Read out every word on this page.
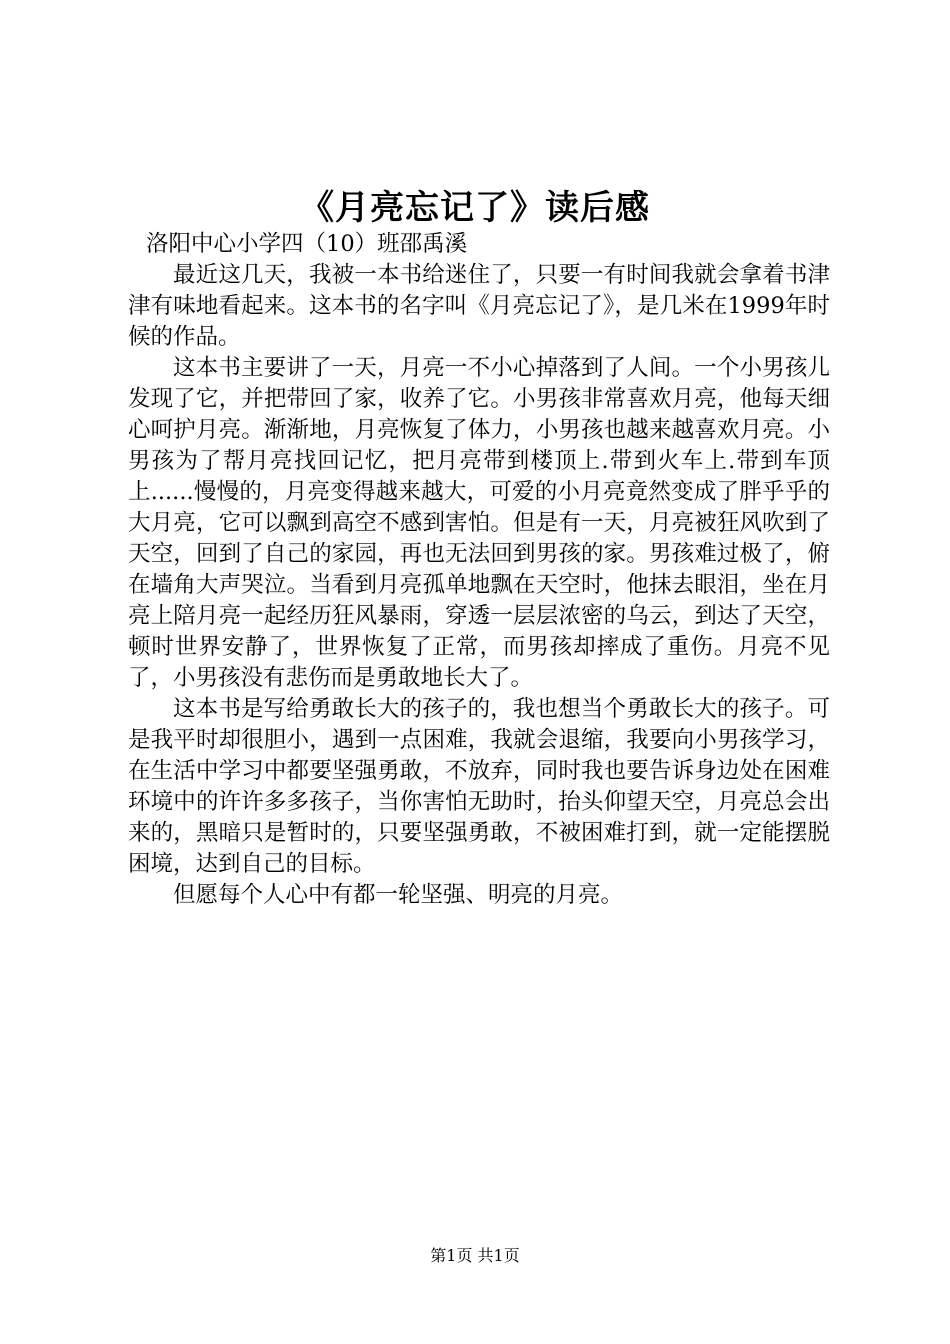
《月亮忘记了》读后感
洛阳中心小学四（10）班邵禹溪

最近这几天，我被一本书给迷住了，只要一有时间我就会拿着书津津有味地看起来。这本书的名字叫《月亮忘记了》，是几米在1999年时候的作品。

这本书主要讲了一天，月亮一不小心掉落到了人间。一个小男孩儿发现了它，并把带回了家，收养了它。小男孩非常喜欢月亮，他每天细心呵护月亮。渐渐地，月亮恢复了体力，小男孩也越来越喜欢月亮。小男孩为了帮月亮找回记忆，把月亮带到楼顶上.带到火车上.带到车顶上......慢慢的，月亮变得越来越大，可爱的小月亮竟然变成了胖乎乎的大月亮，它可以飘到高空不感到害怕。但是有一天，月亮被狂风吹到了天空，回到了自己的家园，再也无法回到男孩的家。男孩难过极了，俯在墙角大声哭泣。当看到月亮孤单地飘在天空时，他抹去眼泪，坐在月亮上陪月亮一起经历狂风暴雨，穿透一层层浓密的乌云，到达了天空，顿时世界安静了，世界恢复了正常，而男孩却摔成了重伤。月亮不见了，小男孩没有悲伤而是勇敢地长大了。

这本书是写给勇敢长大的孩子的，我也想当个勇敢长大的孩子。可是我平时却很胆小，遇到一点困难，我就会退缩，我要向小男孩学习，在生活中学习中都要坚强勇敢，不放弃，同时我也要告诉身边处在困难环境中的许许多多孩子，当你害怕无助时，抬头仰望天空，月亮总会出来的，黑暗只是暂时的，只要坚强勇敢，不被困难打到，就一定能摆脱困境，达到自己的目标。

但愿每个人心中有都一轮坚强、明亮的月亮。

第1页 共1页
